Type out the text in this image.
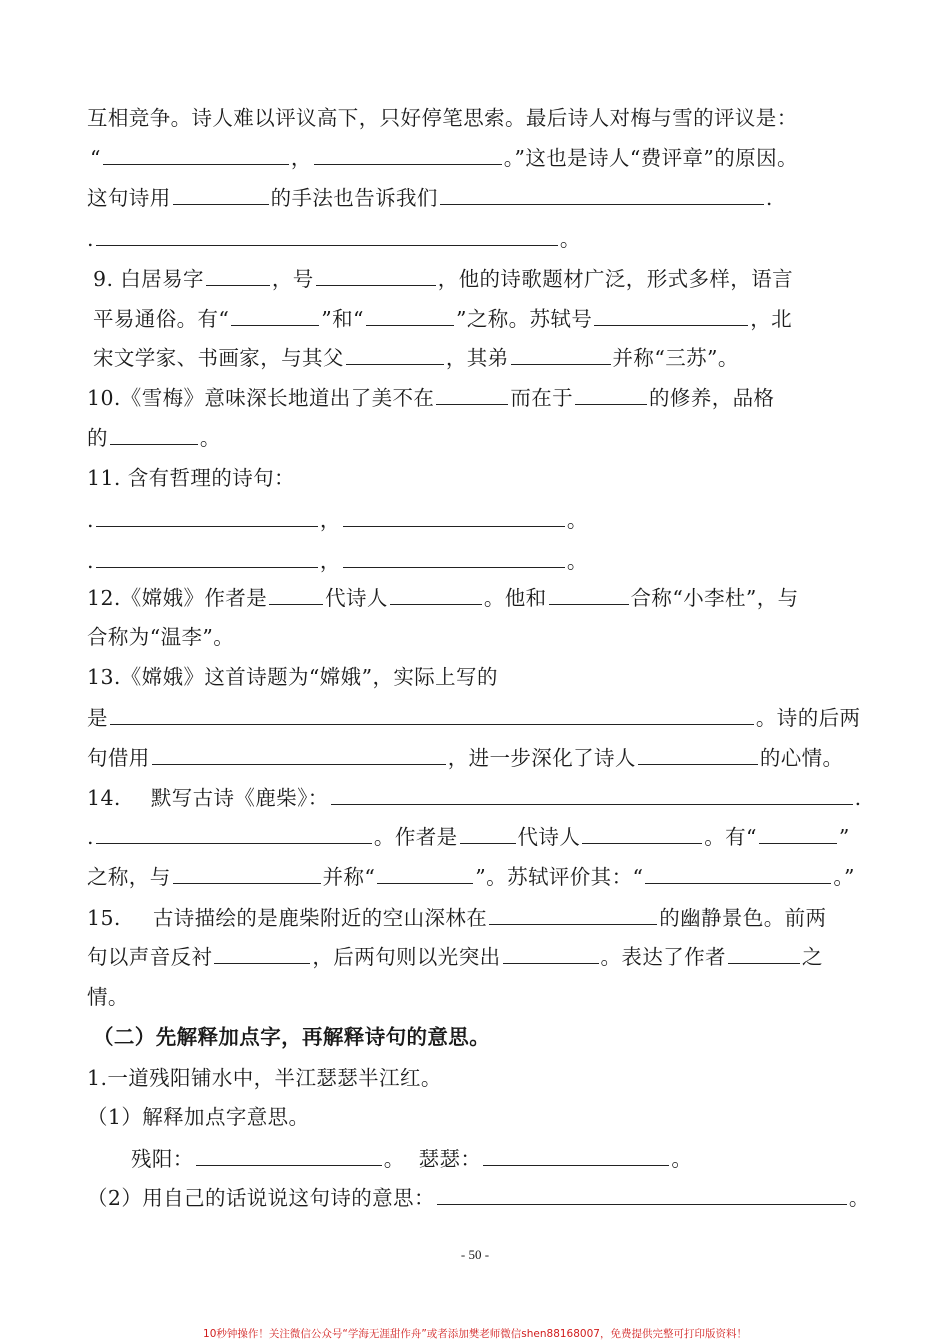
互相竞争。诗人难以评议高下，只好停笔思索。最后诗人对梅与雪的评议是：
“	，	。”这也是诗人“费评章”的原因。
这句诗用	的手法也告诉我们	.
.	。
9. 白居易字	，号	，他的诗歌题材广泛，形式多样，语言
平易通俗。有“	”和“	”之称。苏轼号	，北
宋文学家、书画家，与其父	，其弟	并称“三苏”。
10.《雪梅》意味深长地道出了美不在	而在于	的修养，品格
的	。
11. 含有哲理的诗句：
.	，	。
.	，	。
12.《嫦娥》作者是	代诗人	。他和	合称“小李杜”，与
合称为“温李”。
13.《嫦娥》这首诗题为“嫦娥”，实际上写的
是	。诗的后两
句借用	，进一步深化了诗人	的心情。
14. 默写古诗《鹿柴》：	.
.	。作者是	代诗人	。有“	”
之称，与	并称“	”。苏轼评价其：“	。”
15. 古诗描绘的是鹿柴附近的空山深林在	的幽静景色。前两
句以声音反衬	，后两句则以光突出	。表达了作者	之
情。
（二）先解释加点字，再解释诗句的意思。
1.一道残阳铺水中，半江瑟瑟半江红。
（1）解释加点字意思。
残阳：	。 瑟瑟：	。
（2）用自己的话说说这句诗的意思：	。
- 50 -
10秒钟操作！关注微信公众号“学海无涯甜作舟”或者添加樊老师微信shen88168007，免费提供完整可打印版资料！
